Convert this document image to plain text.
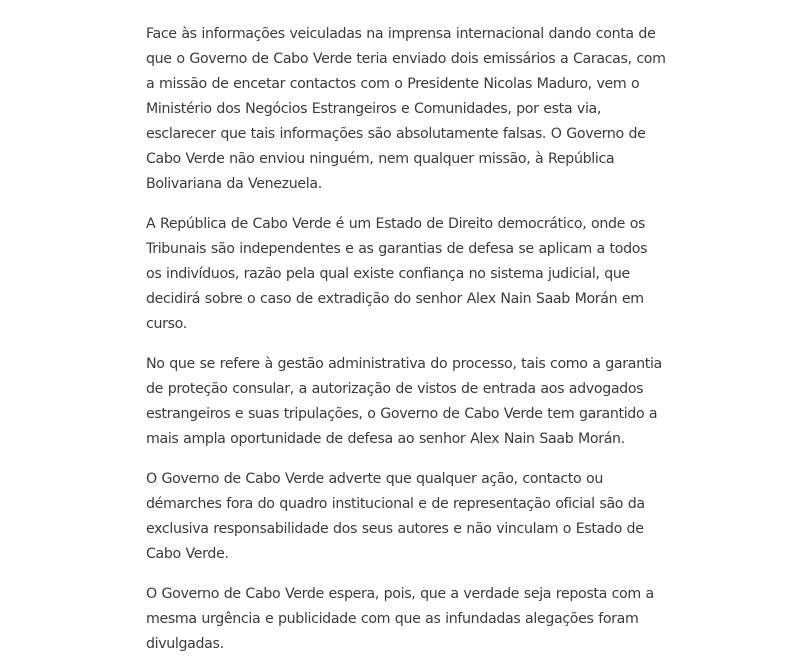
Face às informações veiculadas na imprensa internacional dando conta de que o Governo de Cabo Verde teria enviado dois emissários a Caracas, com a missão de encetar contactos com o Presidente Nicolas Maduro, vem o Ministério dos Negócios Estrangeiros e Comunidades, por esta via, esclarecer que tais informações são absolutamente falsas. O Governo de Cabo Verde não enviou ninguém, nem qualquer missão, à República Bolivariana da Venezuela.

A República de Cabo Verde é um Estado de Direito democrático, onde os Tribunais são independentes e as garantias de defesa se aplicam a todos os indivíduos, razão pela qual existe confiança no sistema judicial, que decidirá sobre o caso de extradição do senhor Alex Nain Saab Morán em curso.

No que se refere à gestão administrativa do processo, tais como a garantia de proteção consular, a autorização de vistos de entrada aos advogados estrangeiros e suas tripulações, o Governo de Cabo Verde tem garantido a mais ampla oportunidade de defesa ao senhor Alex Nain Saab Morán.

O Governo de Cabo Verde adverte que qualquer ação, contacto ou démarches fora do quadro institucional e de representação oficial são da exclusiva responsabilidade dos seus autores e não vinculam o Estado de Cabo Verde.

O Governo de Cabo Verde espera, pois, que a verdade seja reposta com a mesma urgência e publicidade com que as infundadas alegações foram divulgadas.
